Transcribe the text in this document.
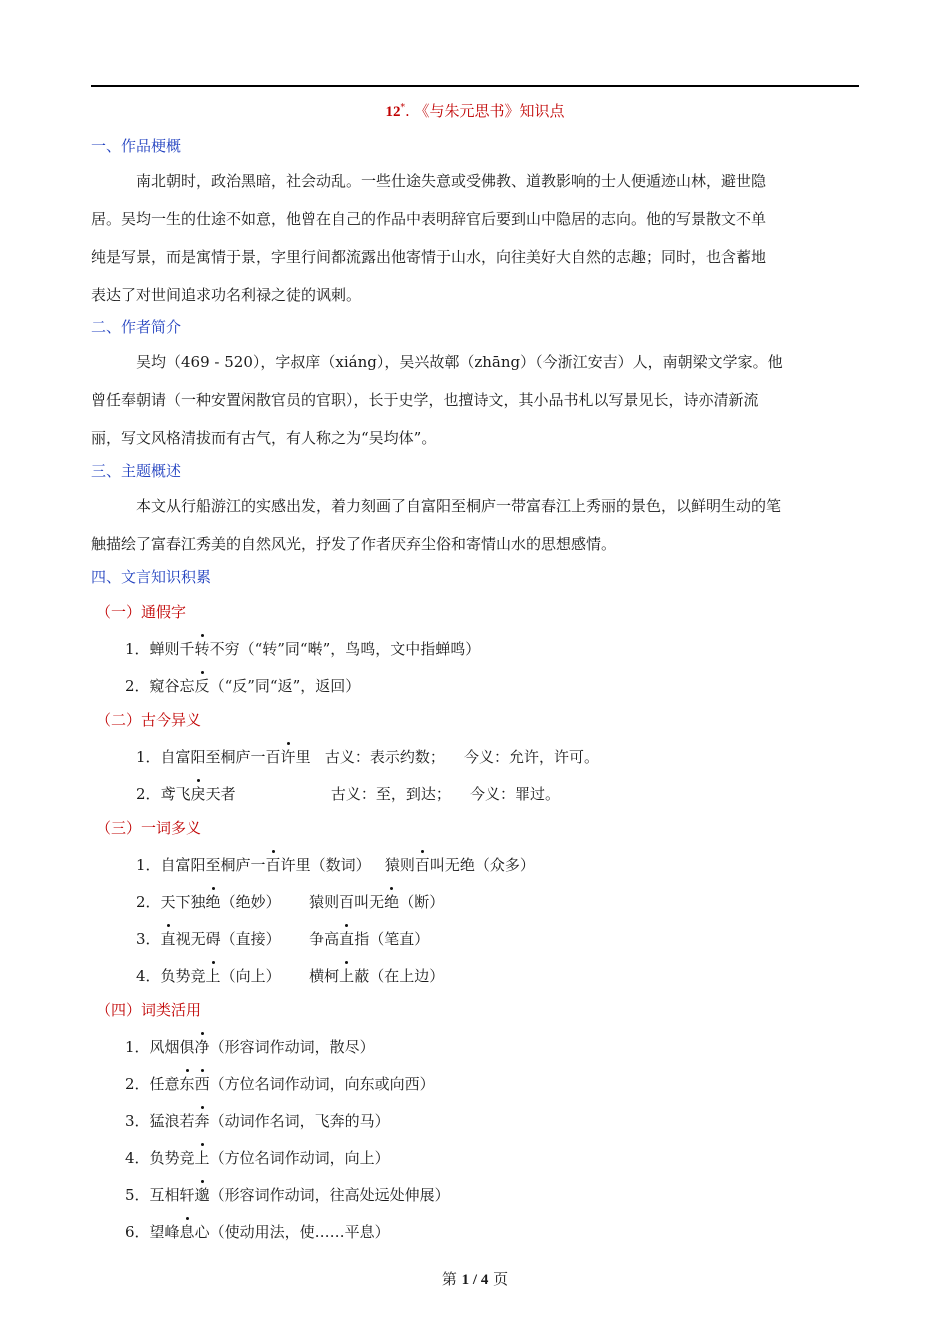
12*. 《与朱元思书》知识点
一、作品梗概
南北朝时，政治黑暗，社会动乱。一些仕途失意或受佛教、道教影响的士人便遁迹山林，避世隐
居。吴均一生的仕途不如意，他曾在自己的作品中表明辞官后要到山中隐居的志向。他的写景散文不单
纯是写景，而是寓情于景，字里行间都流露出他寄情于山水，向往美好大自然的志趣；同时，也含蓄地
表达了对世间追求功名利禄之徒的讽刺。
二、作者简介
吴均（469 - 520），字叔庠（xiáng），吴兴故鄣（zhāng）（今浙江安吉）人，南朝梁文学家。他
曾任奉朝请（一种安置闲散官员的官职），长于史学，也擅诗文，其小品书札以写景见长，诗亦清新流
丽，写文风格清拔而有古气，有人称之为“吴均体”。
三、主题概述
本文从行船游江的实感出发，着力刻画了自富阳至桐庐一带富春江上秀丽的景色，以鲜明生动的笔
触描绘了富春江秀美的自然风光，抒发了作者厌弃尘俗和寄情山水的思想感情。
四、文言知识积累
（一）通假字
1．蝉则千转不穷（“转”同“啭”，鸟鸣，文中指蝉鸣）
2．窥谷忘反（“反”同“返”，返回）
（二）古今异义
1．自富阳至桐庐一百许里   古义：表示约数；    今义：允许，许可。
2．鸢飞戾天者                    古义：至，到达；    今义：罪过。
（三）一词多义
1．自富阳至桐庐一百许里（数词）   猿则百叫无绝（众多）
2．天下独绝（绝妙）      猿则百叫无绝（断）
3．直视无碍（直接）      争高直指（笔直）
4．负势竞上（向上）      横柯上蔽（在上边）
（四）词类活用
1．风烟俱净（形容词作动词，散尽）
2．任意东西（方位名词作动词，向东或向西）
3．猛浪若奔（动词作名词，飞奔的马）
4．负势竞上（方位名词作动词，向上）
5．互相轩邈（形容词作动词，往高处远处伸展）
6．望峰息心（使动用法，使……平息）
第 1 / 4 页
